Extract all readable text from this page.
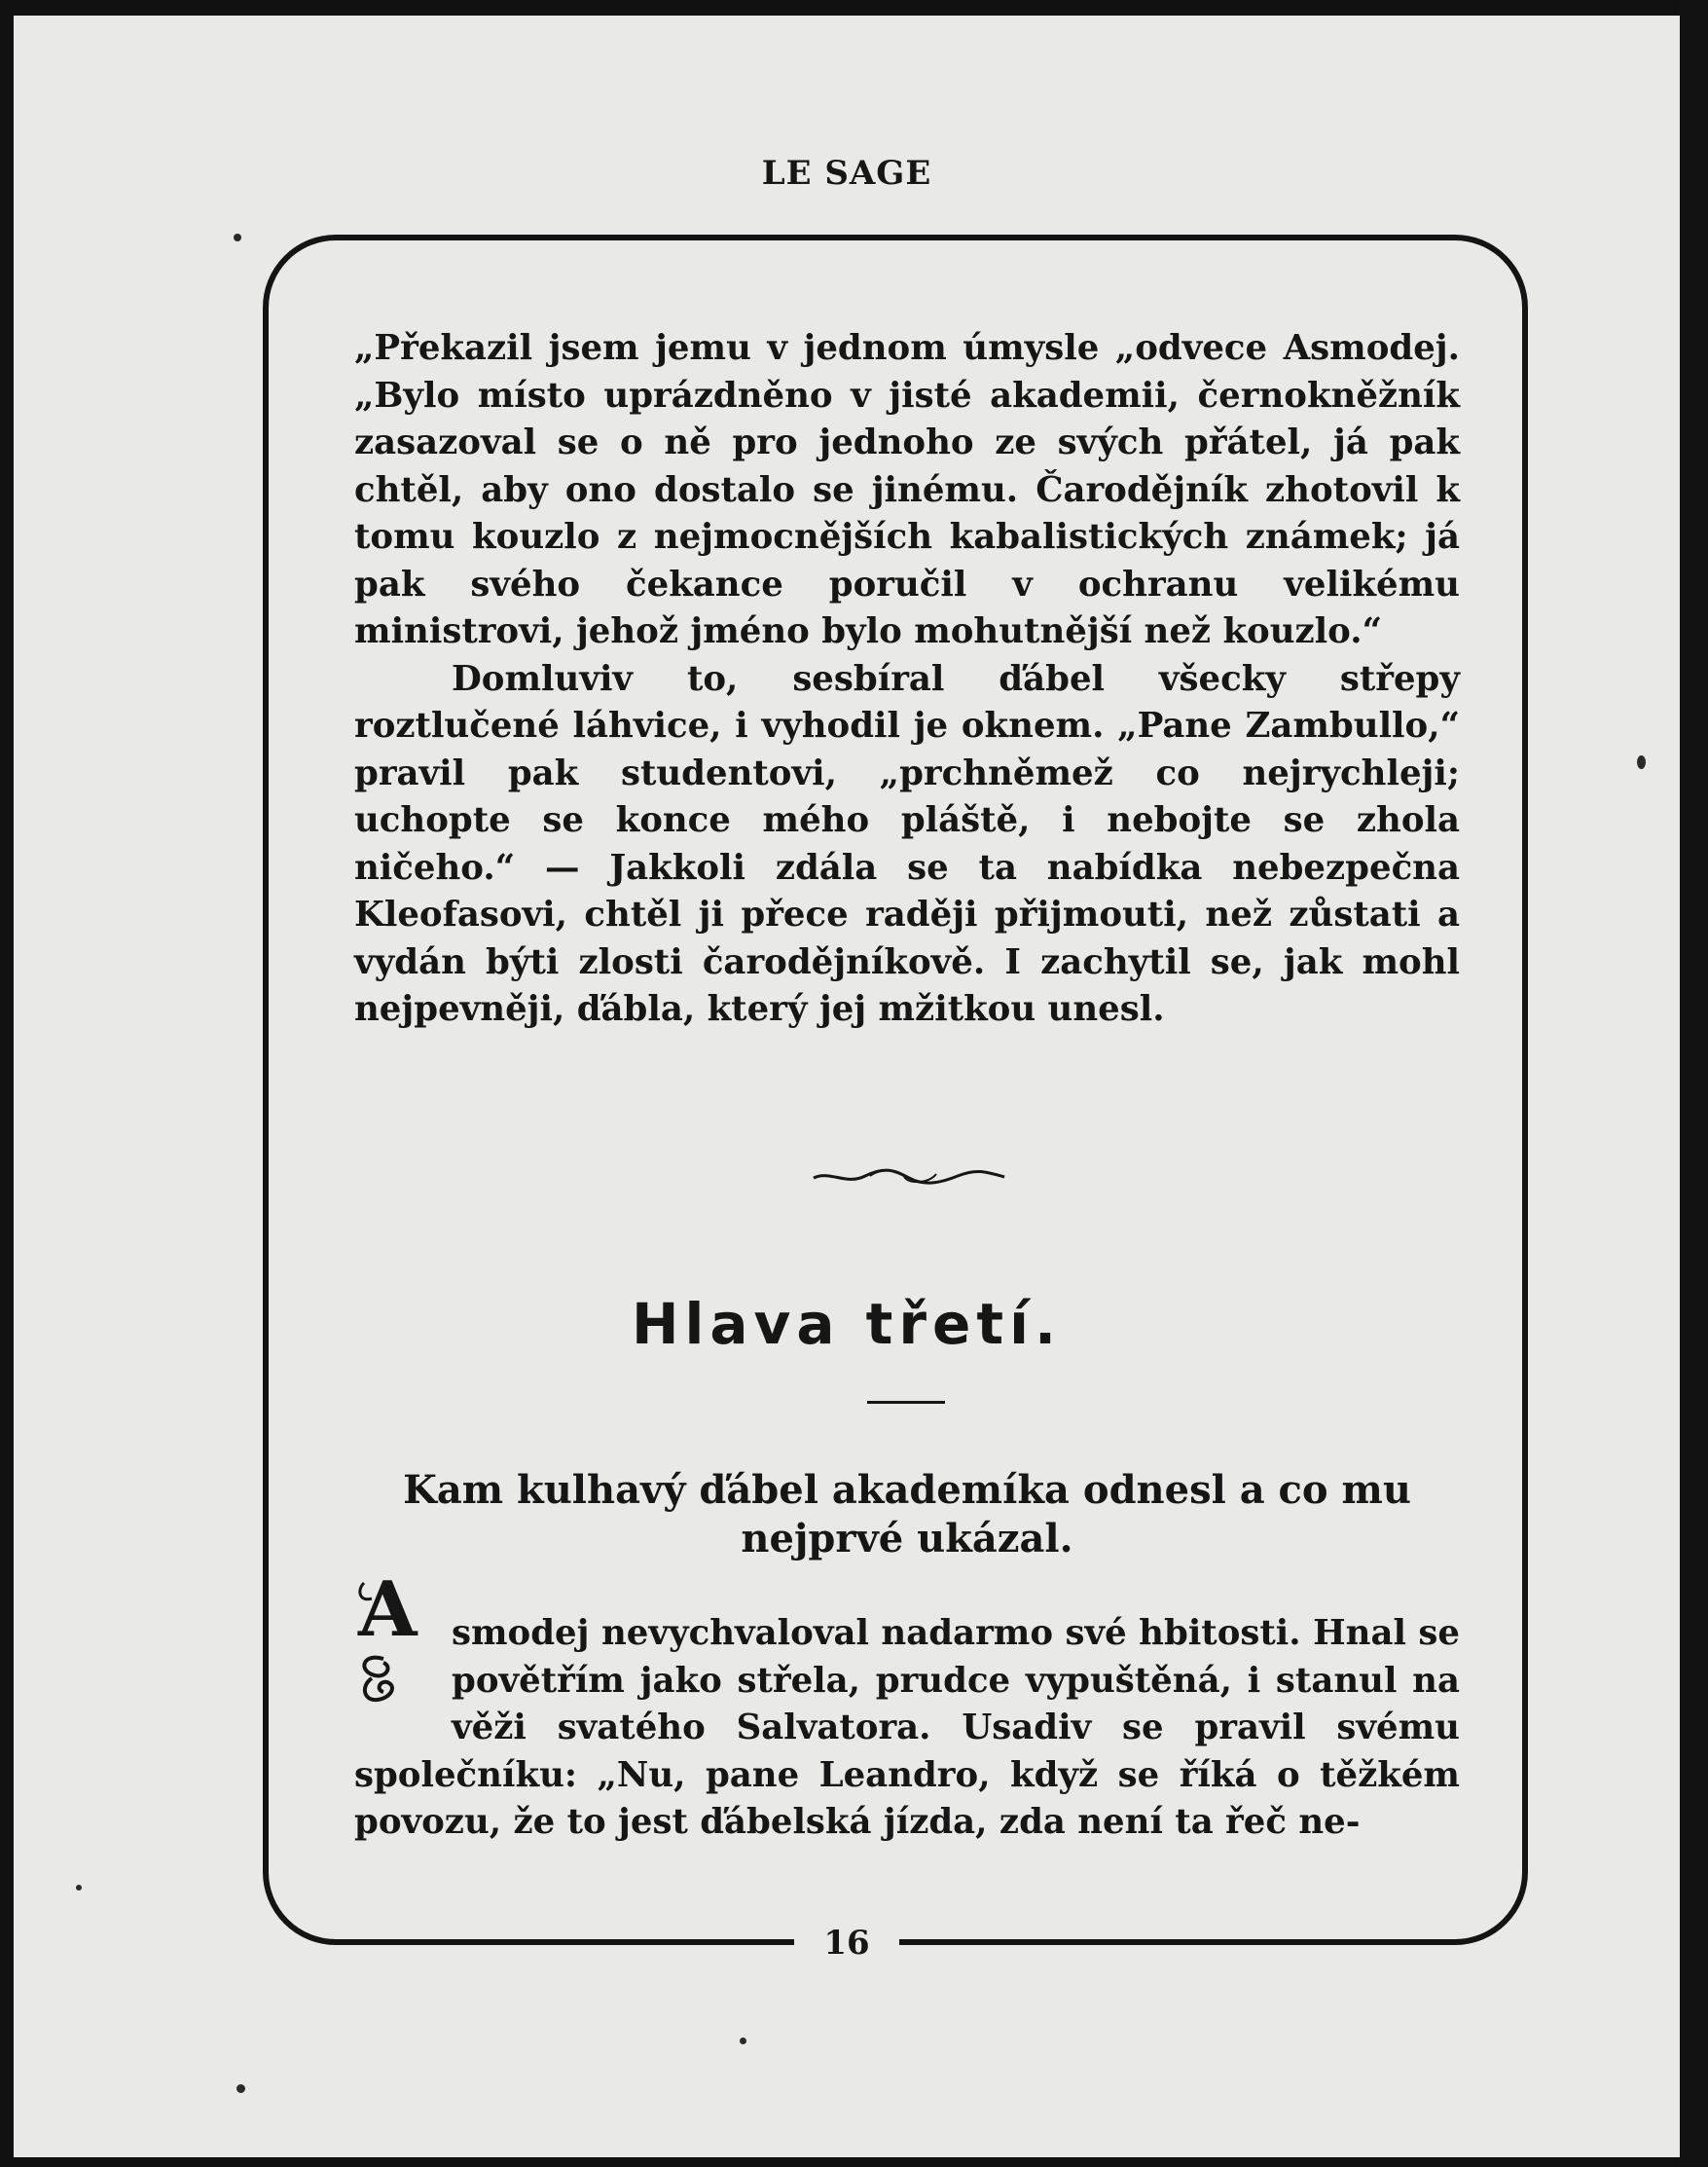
LE SAGE

„Překazil jsem jemu v jednom úmysle „odvece Asmodej. „Bylo místo uprázdněno v jisté akademii, černokněžník zasazoval se o ně pro jednoho ze svých přátel, já pak chtěl, aby ono dostalo se jinému. Čarodějník zhotovil k tomu kouzlo z nejmocnějších kabalistických známek; já pak svého čekance poručil v ochranu velikému ministrovi, jehož jméno bylo mohutnější než kouzlo.“

Domluviv to, sesbíral ďábel všecky střepy roztlučené láhvice, i vyhodil je oknem. „Pane Zambullo,“ pravil pak studentovi, „prchněmež co nejrychleji; uchopte se konce mého pláště, i nebojte se zhola ničeho.“ — Jakkoli zdála se ta nabídka nebezpečna Kleofasovi, chtěl ji přece raději přijmouti, než zůstati a vydán býti zlosti čarodějníkově. I zachytil se, jak mohl nejpevněji, ďábla, který jej mžitkou unesl.

Hlava třetí.
Kam kulhavý ďábel akademíka odnesl a co mu nejprvé ukázal.
A smodej nevychvaloval nadarmo své hbitosti. Hnal se povětřím jako střela, prudce vypuštěná, i stanul na věži svatého Salvatora. Usadiv se pravil svému společníku: „Nu, pane Leandro, když se říká o těžkém povozu, že to jest ďábelská jízda, zda není ta řeč ne-

16
